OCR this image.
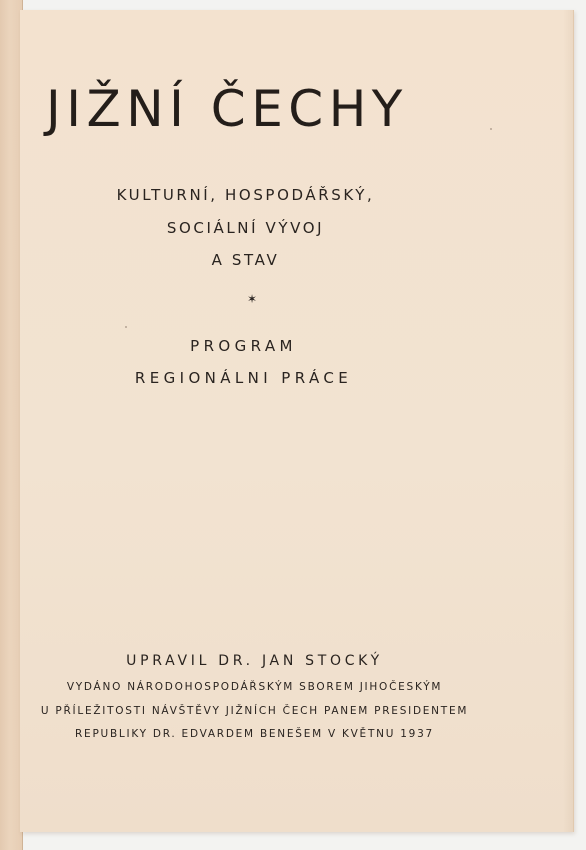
JIŽNÍ ČECHY
KULTURNÍ, HOSPODÁŘSKÝ,
SOCIÁLNÍ VÝVOJ
A STAV
✶
PROGRAM
REGIONÁLNI PRÁCE
UPRAVIL DR. JAN STOCKÝ
VYDÁNO NÁRODOHOSPODÁŘSKÝM SBOREM JIHOČESKÝM
U PŘÍLEŽITOSTI NÁVŠTĚVY JIŽNÍCH ČECH PANEM PRESIDENTEM
REPUBLIKY DR. EDVARDEM BENEŠEM V KVĚTNU 1937
